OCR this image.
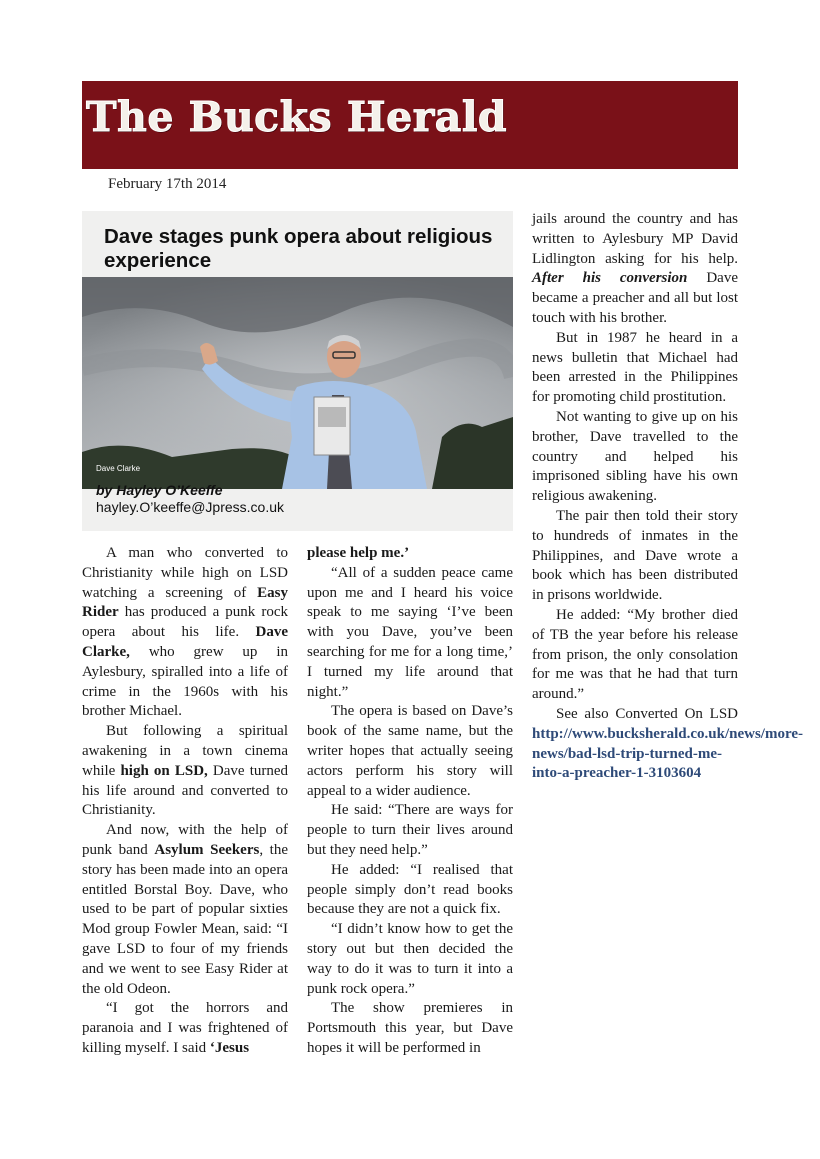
The Bucks Herald
February 17th 2014
Dave stages punk opera about religious experience
Dave Clarke
by Hayley O’Keeffe
hayley.O’keeffe@Jpress.co.uk

A man who converted to Christianity while high on LSD watching a screening of Easy Rider has produced a punk rock opera about his life. Dave Clarke, who grew up in Aylesbury, spiralled into a life of crime in the 1960s with his brother Michael.

But following a spiritual awakening in a town cinema while high on LSD, Dave turned his life around and converted to Christianity.

And now, with the help of punk band Asylum Seekers, the story has been made into an opera entitled Borstal Boy. Dave, who used to be part of popular sixties Mod group Fowler Mean, said: “I gave LSD to four of my friends and we went to see Easy Rider at the old Odeon.

“I got the horrors and paranoia and I was frightened of killing myself. I said ‘Jesus

please help me.’

“All of a sudden peace came upon me and I heard his voice speak to me saying ‘I’ve been with you Dave, you’ve been searching for me for a long time,’ I turned my life around that night.”

The opera is based on Dave’s book of the same name, but the writer hopes that actually seeing actors perform his story will appeal to a wider audience.

He said: “There are ways for people to turn their lives around but they need help.”

He added: “I realised that people simply don’t read books because they are not a quick fix.

“I didn’t know how to get the story out but then decided the way to do it was to turn it into a punk rock opera.”

The show premieres in Portsmouth this year, but Dave hopes it will be performed in

jails around the country and has written to Aylesbury MP David Lidlington asking for his help. After his conversion Dave became a preacher and all but lost touch with his brother.

But in 1987 he heard in a news bulletin that Michael had been arrested in the Philippines for promoting child prostitution.

Not wanting to give up on his brother, Dave travelled to the country and helped his imprisoned sibling have his own religious awakening.

The pair then told their story to hundreds of inmates in the Philippines, and Dave wrote a book which has been distributed in prisons worldwide.

He added: “My brother died of TB the year before his release from prison, the only consolation for me was that he had that turn around.”

See also Converted On LSD http://www.bucksherald.co.uk/news/more-news/bad-lsd-trip-turned-me-into-a-preacher-1-3103604
